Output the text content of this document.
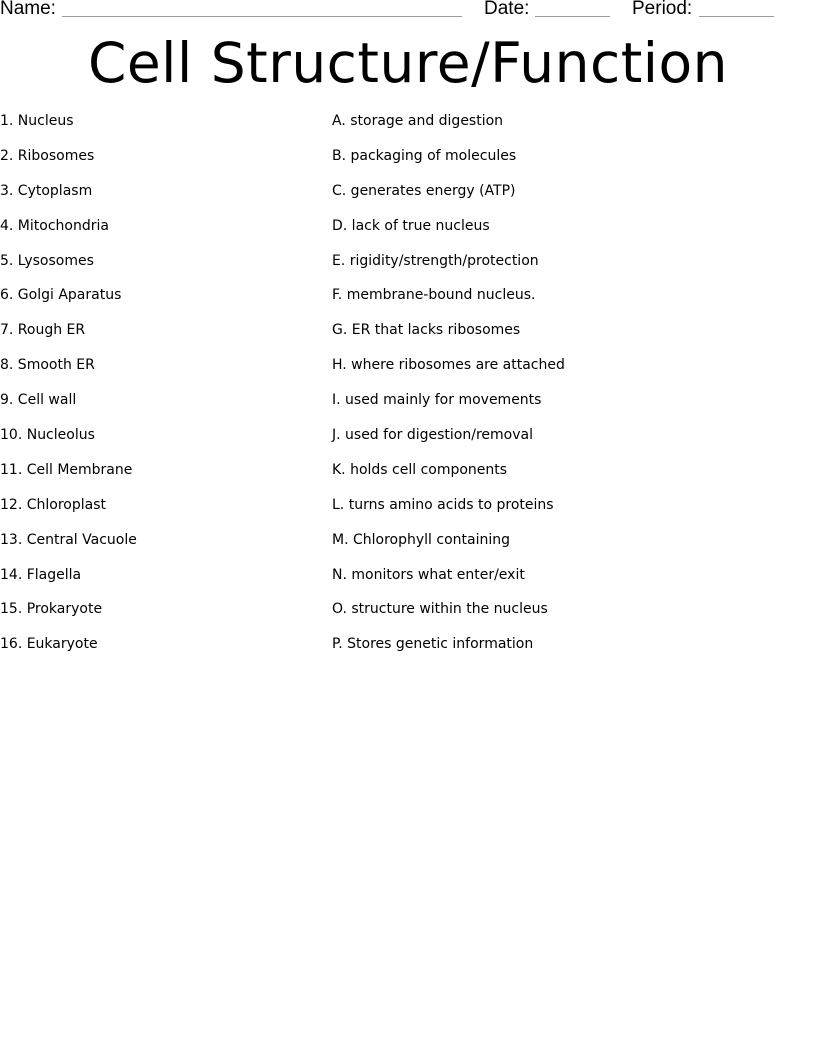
Name:	Date:	Period:
Cell Structure/Function
1. Nucleus
2. Ribosomes
3. Cytoplasm
4. Mitochondria
5. Lysosomes
6. Golgi Aparatus
7. Rough ER
8. Smooth ER
9. Cell wall
10. Nucleolus
11. Cell Membrane
12. Chloroplast
13. Central Vacuole
14. Flagella
15. Prokaryote
16. Eukaryote
A. storage and digestion
B. packaging of molecules
C. generates energy (ATP)
D. lack of true nucleus
E. rigidity/strength/protection
F. membrane-bound nucleus.
G. ER that lacks ribosomes
H. where ribosomes are attached
I. used mainly for movements
J. used for digestion/removal
K. holds cell components
L. turns amino acids to proteins
M. Chlorophyll containing
N. monitors what enter/exit
O. structure within the nucleus
P. Stores genetic information
